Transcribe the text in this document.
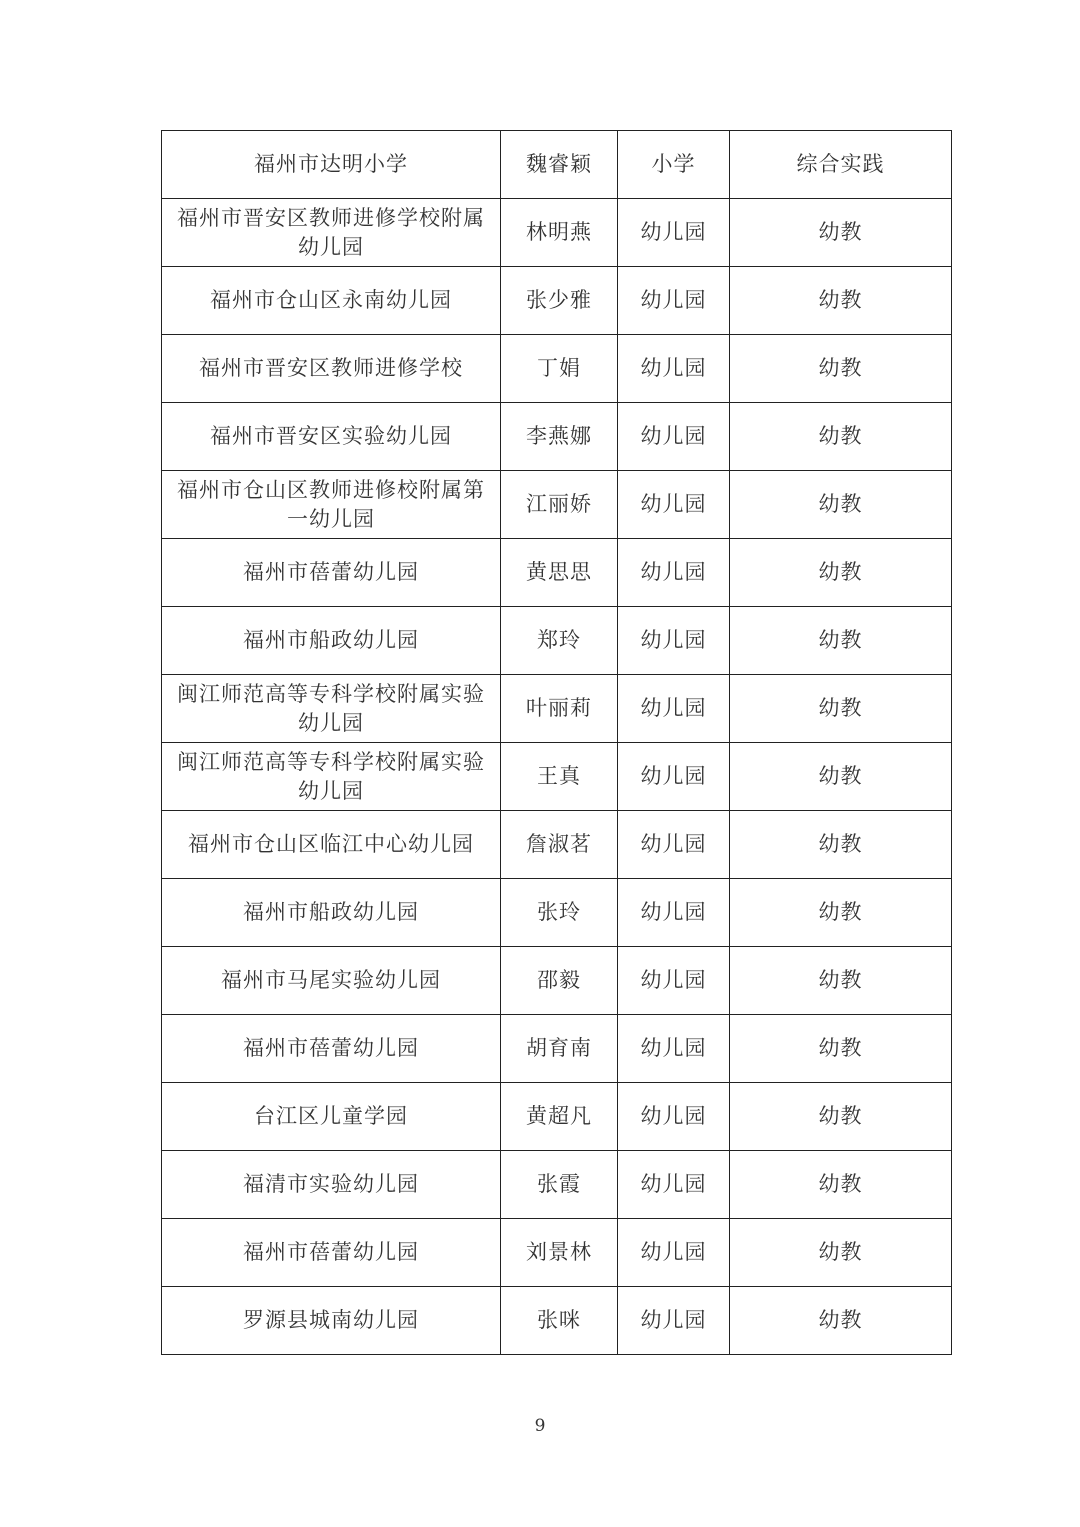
福州市达明小学	魏睿颖	小学	综合实践
福州市晋安区教师进修学校附属幼儿园	林明燕	幼儿园	幼教
福州市仓山区永南幼儿园	张少雅	幼儿园	幼教
福州市晋安区教师进修学校	丁娟	幼儿园	幼教
福州市晋安区实验幼儿园	李燕娜	幼儿园	幼教
福州市仓山区教师进修校附属第一幼儿园	江丽娇	幼儿园	幼教
福州市蓓蕾幼儿园	黄思思	幼儿园	幼教
福州市船政幼儿园	郑玲	幼儿园	幼教
闽江师范高等专科学校附属实验幼儿园	叶丽莉	幼儿园	幼教
闽江师范高等专科学校附属实验幼儿园	王真	幼儿园	幼教
福州市仓山区临江中心幼儿园	詹淑茗	幼儿园	幼教
福州市船政幼儿园	张玲	幼儿园	幼教
福州市马尾实验幼儿园	邵毅	幼儿园	幼教
福州市蓓蕾幼儿园	胡育南	幼儿园	幼教
台江区儿童学园	黄超凡	幼儿园	幼教
福清市实验幼儿园	张霞	幼儿园	幼教
福州市蓓蕾幼儿园	刘景林	幼儿园	幼教
罗源县城南幼儿园	张咪	幼儿园	幼教
9
